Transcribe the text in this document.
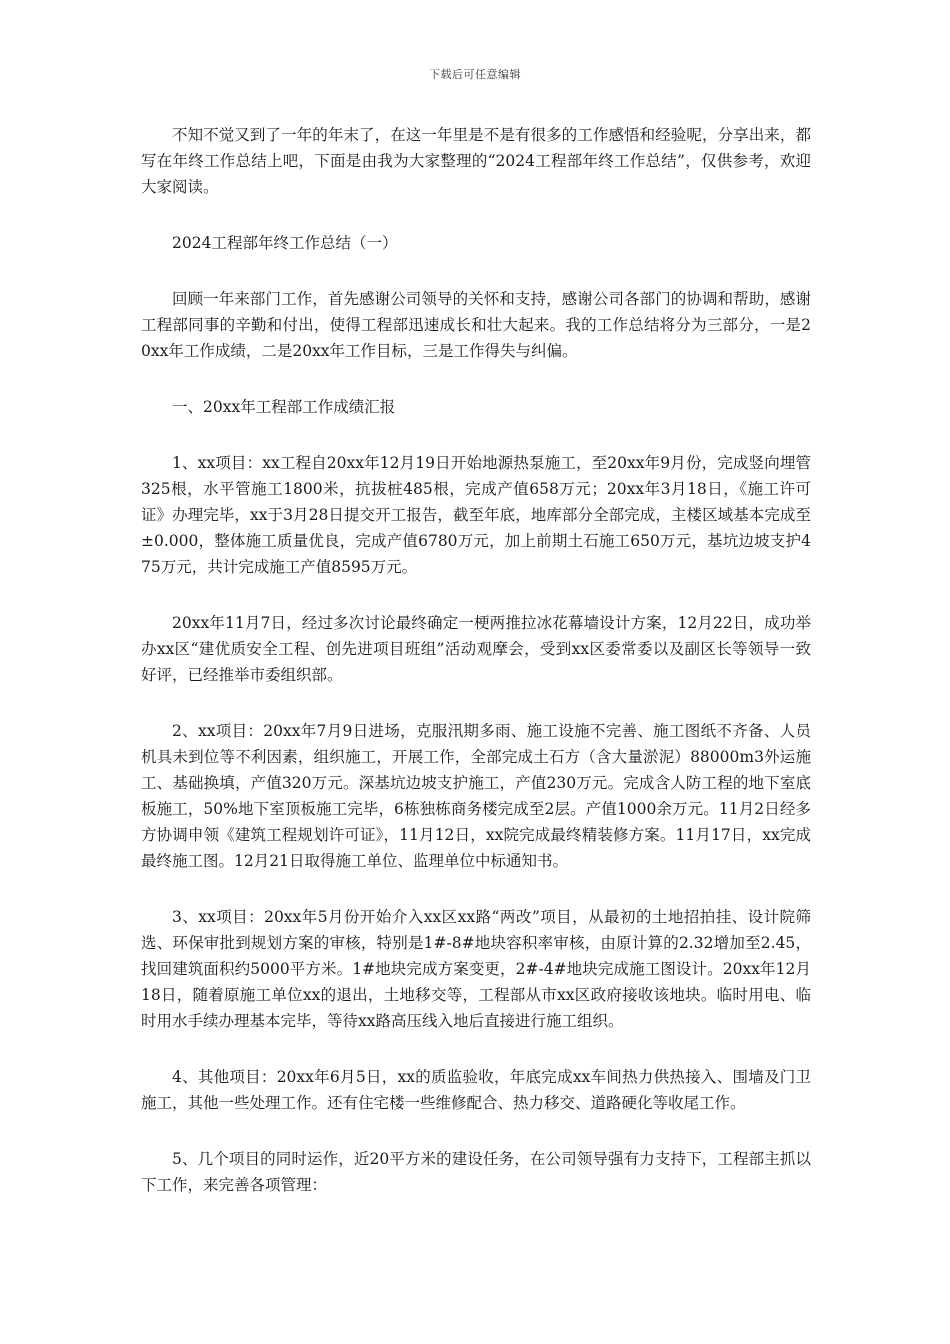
下载后可任意编辑

不知不觉又到了一年的年末了，在这一年里是不是有很多的工作感悟和经验呢，分享出来，都写在年终工作总结上吧，下面是由我为大家整理的“2024工程部年终工作总结”，仅供参考，欢迎大家阅读。

2024工程部年终工作总结（一）

回顾一年来部门工作，首先感谢公司领导的关怀和支持，感谢公司各部门的协调和帮助，感谢工程部同事的辛勤和付出，使得工程部迅速成长和壮大起来。我的工作总结将分为三部分，一是20xx年工作成绩，二是20xx年工作目标，三是工作得失与纠偏。

一、20xx年工程部工作成绩汇报

1、xx项目：xx工程自20xx年12月19日开始地源热泵施工，至20xx年9月份，完成竖向埋管325根，水平管施工1800米，抗拔桩485根，完成产值658万元；20xx年3月18日，《施工许可证》办理完毕，xx于3月28日提交开工报告，截至年底，地库部分全部完成，主楼区域基本完成至±0.000，整体施工质量优良，完成产值6780万元，加上前期土石施工650万元，基坑边坡支护475万元，共计完成施工产值8595万元。

20xx年11月7日，经过多次讨论最终确定一梗两推拉冰花幕墙设计方案，12月22日，成功举办xx区“建优质安全工程、创先进项目班组”活动观摩会，受到xx区委常委以及副区长等领导一致好评，已经推举市委组织部。

2、xx项目：20xx年7月9日进场，克服汛期多雨、施工设施不完善、施工图纸不齐备、人员机具未到位等不利因素，组织施工，开展工作，全部完成土石方（含大量淤泥）88000m3外运施工、基础换填，产值320万元。深基坑边坡支护施工，产值230万元。完成含人防工程的地下室底板施工，50%地下室顶板施工完毕，6栋独栋商务楼完成至2层。产值1000余万元。11月2日经多方协调申领《建筑工程规划许可证》，11月12日，xx院完成最终精装修方案。11月17日，xx完成最终施工图。12月21日取得施工单位、监理单位中标通知书。

3、xx项目：20xx年5月份开始介入xx区xx路“两改”项目，从最初的土地招拍挂、设计院筛选、环保审批到规划方案的审核，特别是1#-8#地块容积率审核，由原计算的2.32增加至2.45，找回建筑面积约5000平方米。1#地块完成方案变更，2#-4#地块完成施工图设计。20xx年12月18日，随着原施工单位xx的退出，土地移交等，工程部从市xx区政府接收该地块。临时用电、临时用水手续办理基本完毕，等待xx路高压线入地后直接进行施工组织。

4、其他项目：20xx年6月5日，xx的质监验收，年底完成xx车间热力供热接入、围墙及门卫施工，其他一些处理工作。还有住宅楼一些维修配合、热力移交、道路硬化等收尾工作。

5、几个项目的同时运作，近20平方米的建设任务，在公司领导强有力支持下，工程部主抓以下工作，来完善各项管理：
